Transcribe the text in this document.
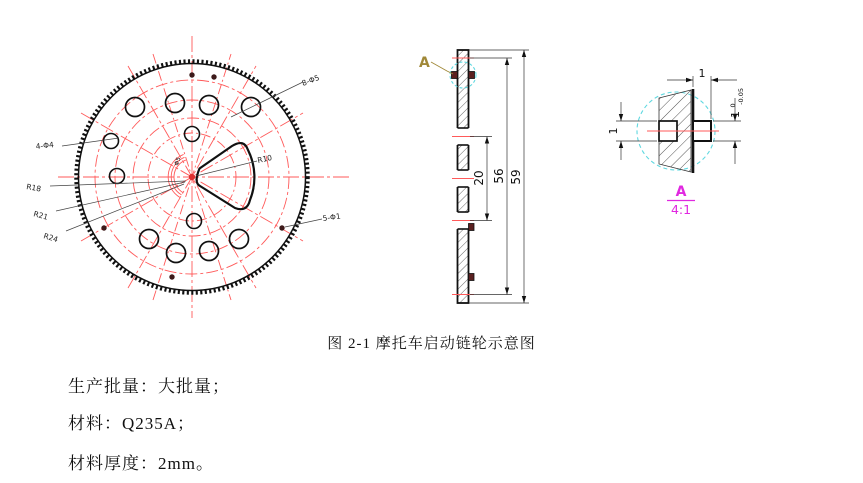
8-Φ5
4-Φ4
R18
R21
R24
R10
5-Φ1
Φ5
A
20 56 59
1
1
1 $^0$ -0.05
A
4:1
图 2-1 摩托车启动链轮示意图
生产批量：大批量；
材料：Q235A；
材料厚度：2mm。
